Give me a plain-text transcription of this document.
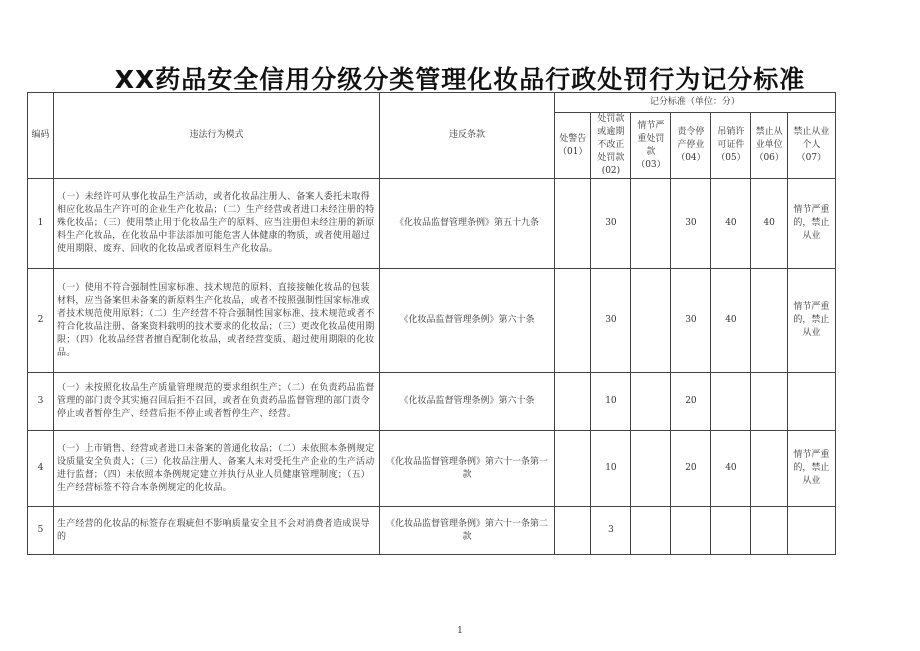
XX药品安全信用分级分类管理化妆品行政处罚行为记分标准
编码	违法行为模式	违反条款	记分标准（单位：分）						
			处警告（01）	处罚款或逾期不改正处罚款(02)	情节严重处罚款（03）	责令停产停业（04）	吊销许可证件（05）	禁止从业单位（06）	禁止从业个人（07）
1	（一）未经许可从事化妆品生产活动，或者化妆品注册人、备案人委托未取得相应化妆品生产许可的企业生产化妆品；（二）生产经营或者进口未经注册的特殊化妆品；（三）使用禁止用于化妆品生产的原料、应当注册但未经注册的新原料生产化妆品，在化妆品中非法添加可能危害人体健康的物质，或者使用超过使用期限、废弃、回收的化妆品或者原料生产化妆品。	《化妆品监督管理条例》第五十九条		30		30	40	40	情节严重的，禁止从业
2	（一）使用不符合强制性国家标准、技术规范的原料、直接接触化妆品的包装材料，应当备案但未备案的新原料生产化妆品，或者不按照强制性国家标准或者技术规范使用原料；（二）生产经营不符合强制性国家标准、技术规范或者不符合化妆品注册、备案资料载明的技术要求的化妆品；（三）更改化妆品使用期限；（四）化妆品经营者擅自配制化妆品，或者经营变质、超过使用期限的化妆品。	《化妆品监督管理条例》第六十条		30		30	40		情节严重的，禁止从业
3	（一）未按照化妆品生产质量管理规范的要求组织生产；（二）在负责药品监督管理的部门责令其实施召回后拒不召回，或者在负责药品监督管理的部门责令停止或者暂停生产、经营后拒不停止或者暂停生产、经营。	《化妆品监督管理条例》第六十条		10		20			
4	（一）上市销售、经营或者进口未备案的普通化妆品；（二）未依照本条例规定设质量安全负责人；（三）化妆品注册人、备案人未对受托生产企业的生产活动进行监督；（四）未依照本条例规定建立并执行从业人员健康管理制度；（五）生产经营标签不符合本条例规定的化妆品。	《化妆品监督管理条例》第六十一条第一款		10		20	40		情节严重的，禁止从业
5	生产经营的化妆品的标签存在瑕疵但不影响质量安全且不会对消费者造成误导的	《化妆品监督管理条例》第六十一条第二款		3					
1
